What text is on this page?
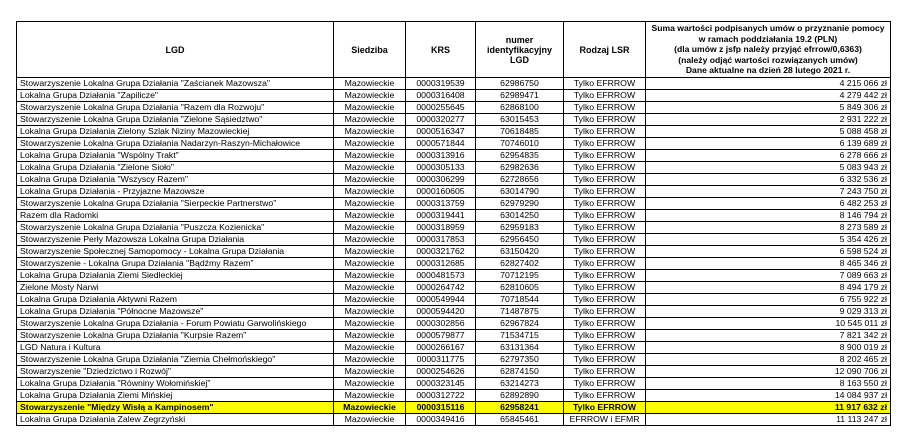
LGD	Siedziba	KRS	numer identyfikacyjny LGD	Rodzaj LSR	Suma wartości podpisanych umów o przyznanie pomocy w ramach poddziałania 19.2 (PLN)
(dla umów z jsfp należy przyjąć efrrow/0,6363)
(należy odjąć wartości rozwiązanych umów)
Dane aktualne na dzień 28 lutego 2021 r.

Stowarzyszenie Lokalna Grupa Działania "Zaścianek Mazowsza"	Mazowieckie	0000319539	62986750	Tylko EFRROW	4 215 066 zł
Lokalna Grupa Działania "Zapilicze"	Mazowieckie	0000316408	62989471	Tylko EFRROW	4 279 442 zł
Stowarzyszenie Lokalna Grupa Działania "Razem dla Rozwoju"	Mazowieckie	0000255645	62868100	Tylko EFRROW	5 849 306 zł
Stowarzyszenie Lokalna Grupa Działania "Zielone Sąsiedztwo"	Mazowieckie	0000320277	63015453	Tylko EFRROW	2 931 222 zł
Lokalna Grupa Działania Zielony Szlak Niziny Mazowieckiej	Mazowieckie	0000516347	70618485	Tylko EFRROW	5 088 458 zł
Stowarzyszenie Lokalna Grupa Działania Nadarzyn-Raszyn-Michałowice	Mazowieckie	0000571844	70746010	Tylko EFRROW	6 139 689 zł
Lokalna Grupa Działania "Wspólny Trakt"	Mazowieckie	0000313916	62954835	Tylko EFRROW	6 278 666 zł
Lokalna Grupa Działania "Zielone Sioło"	Mazowieckie	0000305133	62982636	Tylko EFRROW	5 083 943 zł
Lokalna Grupa Działania "Wszyscy Razem"	Mazowieckie	0000306299	62728656	Tylko EFRROW	6 332 536 zł
Lokalna Grupa Działania - Przyjazne Mazowsze	Mazowieckie	0000160605	63014790	Tylko EFRROW	7 243 750 zł
Stowarzyszenie Lokalna Grupa Działania "Sierpeckie Partnerstwo"	Mazowieckie	0000313759	62979290	Tylko EFRROW	6 482 253 zł
Razem dla Radomki	Mazowieckie	0000319441	63014250	Tylko EFRROW	8 146 794 zł
Stowarzyszenie Lokalna Grupa Działania "Puszcza Kozienicka"	Mazowieckie	0000318959	62959183	Tylko EFRROW	8 273 589 zł
Stowarzyszenie Perły Mazowsza Lokalna Grupa Działania	Mazowieckie	0000317853	62956450	Tylko EFRROW	5 354 426 zł
Stowarzyszenie Społecznej Samopomocy - Lokalna Grupa Działania	Mazowieckie	0000321762	63150420	Tylko EFRROW	6 598 524 zł
Stowarzyszenie - Lokalna Grupa Działania "Bądźmy Razem"	Mazowieckie	0000312685	62827402	Tylko EFRROW	8 465 346 zł
Lokalna Grupa Działania Ziemi Siedleckiej	Mazowieckie	0000481573	70712195	Tylko EFRROW	7 089 663 zł
Zielone Mosty Narwi	Mazowieckie	0000264742	62810605	Tylko EFRROW	8 494 179 zł
Lokalna Grupa Działania Aktywni Razem	Mazowieckie	0000549944	70718544	Tylko EFRROW	6 755 922 zł
Lokalna Grupa Działania "Północne Mazowsze"	Mazowieckie	0000594420	71487875	Tylko EFRROW	9 029 313 zł
Stowarzyszenie Lokalna Grupa Działania - Forum Powiatu Garwolińskiego	Mazowieckie	0000302856	62967824	Tylko EFRROW	10 545 011 zł
Stowarzyszenie Lokalna Grupa Działania "Kurpsie Razem"	Mazowieckie	0000579877	71534715	Tylko EFRROW	7 821 342 zł
LGD Natura i Kultura	Mazowieckie	0000266167	63131364	Tylko EFRROW	8 900 019 zł
Stowarzyszenie Lokalna Grupa Działania "Ziemia Chełmońskiego"	Mazowieckie	0000311775	62797350	Tylko EFRROW	8 202 465 zł
Stowarzyszenie "Dziedzictwo i Rozwój"	Mazowieckie	0000254626	62874150	Tylko EFRROW	12 090 706 zł
Lokalna Grupa Działania "Równiny Wołomińskiej"	Mazowieckie	0000323145	63214273	Tylko EFRROW	8 163 550 zł
Lokalna Grupa Działania Ziemi Mińskiej	Mazowieckie	0000312722	62892890	Tylko EFRROW	14 084 937 zł
Stowarzyszenie "Między Wisłą a Kampinosem"	Mazowieckie	0000315116	62958241	Tylko EFRROW	11 917 632 zł
Lokalna Grupa Działania Zalew Zegrzyński	Mazowieckie	0000349416	65845461	EFRROW i EFMR	11 113 247 zł
